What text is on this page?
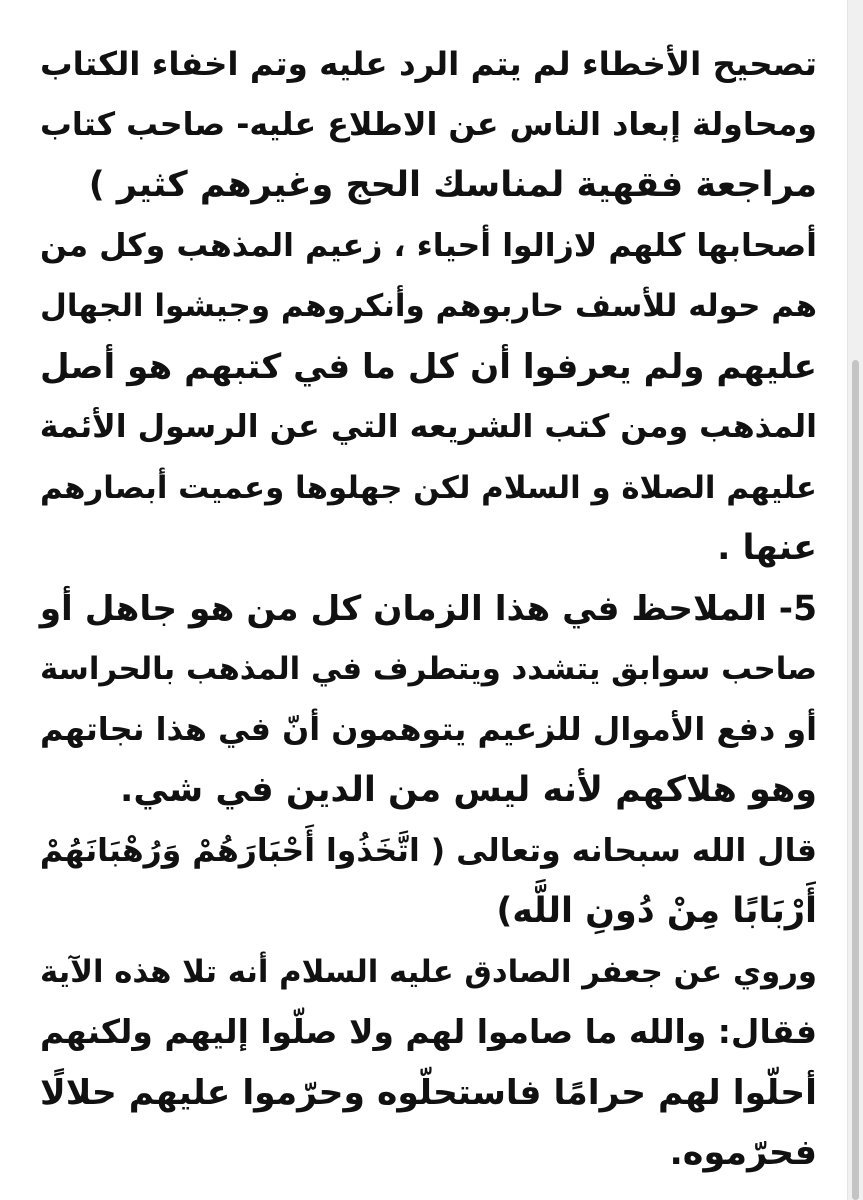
تصحيح الأخطاء لم يتم الرد عليه وتم اخفاء الكتاب
ومحاولة إبعاد الناس عن الاطلاع عليه- صاحب كتاب
مراجعة فقهية لمناسك الحج وغيرهم كثير )
أصحابها كلهم لازالوا أحياء ، زعيم المذهب وكل من
هم حوله للأسف حاربوهم وأنكروهم وجيشوا الجهال
عليهم ولم يعرفوا أن كل ما في كتبهم هو أصل
المذهب ومن كتب الشريعه التي عن الرسول الأئمة
عليهم الصلاة و السلام لكن جهلوها وعميت أبصارهم
عنها .
5- الملاحظ في هذا الزمان كل من هو جاهل أو
صاحب سوابق يتشدد ويتطرف في المذهب بالحراسة
أو دفع الأموال للزعيم يتوهمون أنّ في هذا نجاتهم
وهو هلاكهم لأنه ليس من الدين في شي.
قال الله سبحانه وتعالى ( اتَّخَذُوا أَحْبَارَهُمْ وَرُهْبَانَهُمْ
أَرْبَابًا مِنْ دُونِ اللَّه)
وروي عن جعفر الصادق عليه السلام أنه تلا هذه الآية
فقال: والله ما صاموا لهم ولا صلّوا إليهم ولكنهم
أحلّوا لهم حرامًا فاستحلّوه وحرّموا عليهم حلالًا
فحرّموه.
